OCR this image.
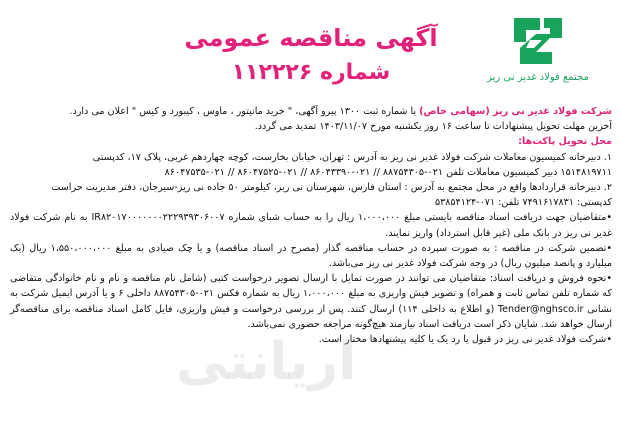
مجتمع فولاد غدیر نی ریز
آگهی مناقصه عمومی
شماره ۱۱۲۲۲۶
شرکت فولاد غدیر نی ریز (سهامی خاص) با شماره ثبت ۱۳۰۰ پیرو آگهی، " خرید مانیتور ، ماوس ، کیبورد و کیس " اعلان می دارد.
آخرین مهلت تحویل پیشنهادات تا ساعت ۱۶ روز یکشنبه مورخ ۱۴۰۳/۱۱/۰۷ تمدید می گردد.
محل تحویل پاکت‌ها:
۱. دبیرخانه کمیسیون معاملات شرکت فولاد غدیر نی ریز به آدرس : تهران، خیابان بخارست، کوچه چهاردهم غربی، پلاک ۱۷، کدپستی
۱۵۱۴۸۱۹۷۱۱ دبیر کمیسیون معاملات تلفن ۰۲۱-۸۸۷۵۴۳۰۵ // ۰۲۱-۸۶۰۴۳۳۹۰ // ۰۲۱-۸۶۰۴۷۵۲۵ // ۰۲۱-۸۶۰۴۷۵۳۵
۲. دبیرخانه قراردادها واقع در محل مجتمع به آدرس : استان فارس، شهرستان نی ریز، کیلومتر ۵۰ جاده نی ریز-سیرجان، دفتر مدیریت حراست
کدپستی: ۷۴۹۱۶۱۷۸۳۱ تلفن: ۰۷۱-۵۳۸۵۴۱۲۴
•متقاضیان جهت دریافت اسناد مناقصه بایستی مبلغ ۱،۰۰۰،۰۰۰ ریال را به حساب شبای شماره IR۸۲۰۱۷۰۰۰۰۰۰۰۲۲۲۹۳۹۳۰۶۰۰۷ به نام شرکت فولاد غدیر نی ریز در بانک ملی (غیر قابل استرداد) واریز نمایند.
•تضمین شرکت در مناقصه : به صورت سپرده در حساب مناقصه گذار (مصرح در اسناد مناقصه) و یا چک صیادی به مبلغ ۱،۵۵۰،۰۰۰،۰۰۰ ریال (یک میلیارد و پانصد میلیون ریال) در وجه شرکت فولاد غدیر نی ریز می‌باشد.
•نحوه فروش و دریافت اسناد: متقاضیان می توانند در صورت تمایل با ارسال تصویر درخواست کتبی (شامل نام مناقصه و نام و نام خانوادگی متقاضی که شماره تلفن تماس ثابت و همراه) و تصویر فیش واریزی به مبلغ ۱،۰۰۰،۰۰۰ ریال به شماره فکس ۰۲۱-۸۸۷۵۴۳۰۵ داخلی ۶ و یا آدرس ایمیل شرکت به نشانی Tender@nghsco.ir (و اطلاع به داخلی ۱۱۴) ارسال کنند. پس از بررسی درخواست و فیش واریزی، فایل کامل اسناد مناقصه برای مناقصه‌گر ارسال خواهد شد. شایان ذکر است دریافت اسناد نیازمند هیچ‌گونه مراجعه حضوری نمی‌باشد.
•شرکت فولاد غدیر نی ریز در قبول یا رد یک یا کلیه پیشنهادها مختار است.
اریانتی
